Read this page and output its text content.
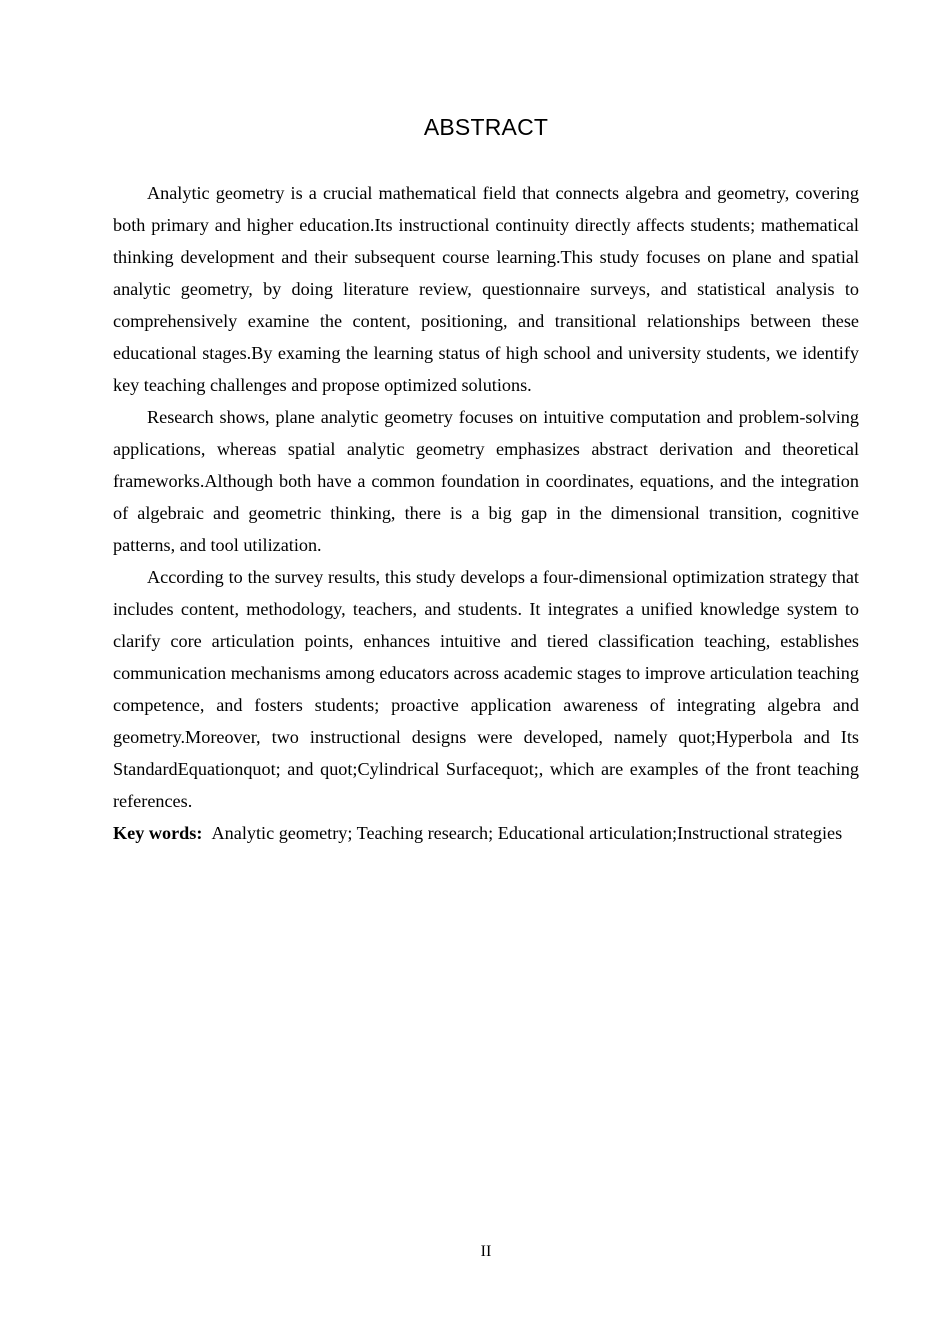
ABSTRACT

Analytic geometry is a crucial mathematical field that connects algebra and geometry, covering both primary and higher education.Its instructional continuity directly affects students; mathematical thinking development and their subsequent course learning.This study focuses on plane and spatial analytic geometry, by doing literature review, questionnaire surveys, and statistical analysis to comprehensively examine the content, positioning, and transitional relationships between these educational stages.By examing the learning status of high school and university students, we identify key teaching challenges and propose optimized solutions.

Research shows, plane analytic geometry focuses on intuitive computation and problem-solving applications, whereas spatial analytic geometry emphasizes abstract derivation and theoretical frameworks.Although both have a common foundation in coordinates, equations, and the integration of algebraic and geometric thinking, there is a big gap in the dimensional transition, cognitive patterns, and tool utilization.

According to the survey results, this study develops a four-dimensional optimization strategy that includes content, methodology, teachers, and students. It integrates a unified knowledge system to clarify core articulation points, enhances intuitive and tiered classification teaching, establishes communication mechanisms among educators across academic stages to improve articulation teaching competence, and fosters students; proactive application awareness of integrating algebra and geometry.Moreover, two instructional designs were developed, namely quot;Hyperbola and Its StandardEquationquot; and quot;Cylindrical Surfacequot;, which are examples of the front teaching references.

Key words: Analytic geometry; Teaching research; Educational articulation;Instructional strategies

II
